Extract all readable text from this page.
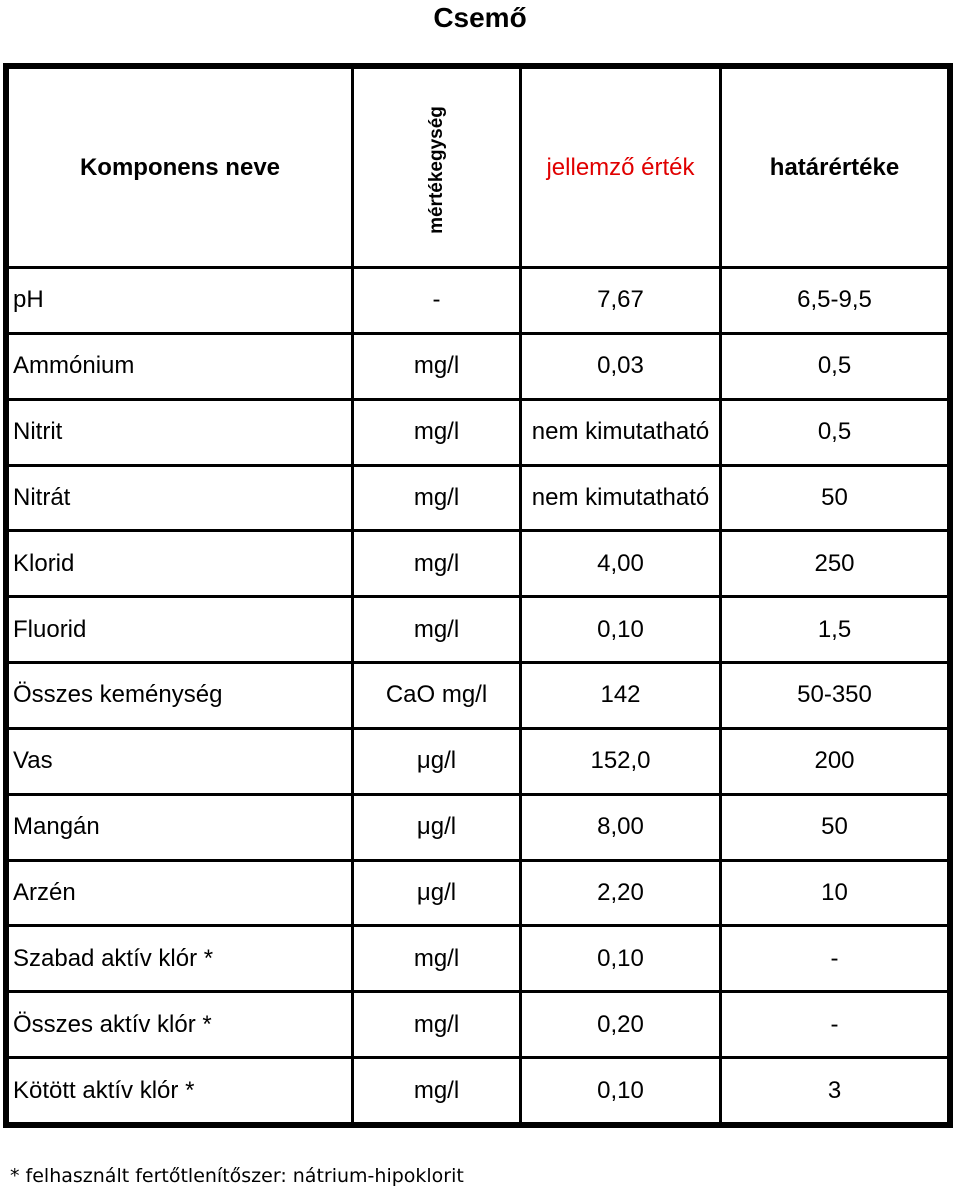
Csemő
Komponens neve	mértékegység	jellemző érték	határértéke
pH	-	7,67	6,5-9,5
Ammónium	mg/l	0,03	0,5
Nitrit	mg/l	nem kimutatható	0,5
Nitrát	mg/l	nem kimutatható	50
Klorid	mg/l	4,00	250
Fluorid	mg/l	0,10	1,5
Összes keménység	CaO mg/l	142	50-350
Vas	μg/l	152,0	200
Mangán	μg/l	8,00	50
Arzén	μg/l	2,20	10
Szabad aktív klór *	mg/l	0,10	-
Összes aktív klór *	mg/l	0,20	-
Kötött aktív klór *	mg/l	0,10	3
* felhasznált fertőtlenítőszer: nátrium-hipoklorit
